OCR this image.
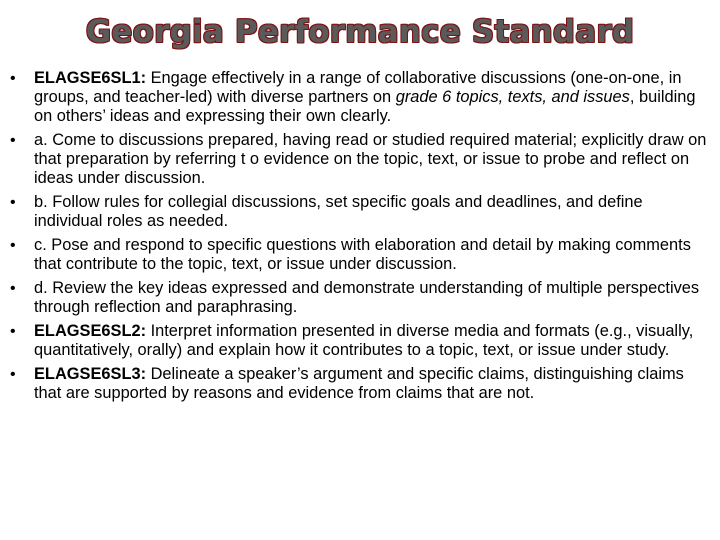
Georgia Performance Standard
• ELAGSE6SL1: Engage effectively in a range of collaborative discussions (one-on-one, in groups, and teacher-led) with diverse partners on grade 6 topics, texts, and issues, building on others’ ideas and expressing their own clearly.
• a. Come to discussions prepared, having read or studied required material; explicitly draw on that preparation by referring t o evidence on the topic, text, or issue to probe and reflect on ideas under discussion.
• b. Follow rules for collegial discussions, set specific goals and deadlines, and define individual roles as needed.
• c. Pose and respond to specific questions with elaboration and detail by making comments that contribute to the topic, text, or issue under discussion.
• d. Review the key ideas expressed and demonstrate understanding of multiple perspectives through reflection and paraphrasing.
• ELAGSE6SL2: Interpret information presented in diverse media and formats (e.g., visually, quantitatively, orally) and explain how it contributes to a topic, text, or issue under study.
• ELAGSE6SL3: Delineate a speaker’s argument and specific claims, distinguishing claims that are supported by reasons and evidence from claims that are not.
